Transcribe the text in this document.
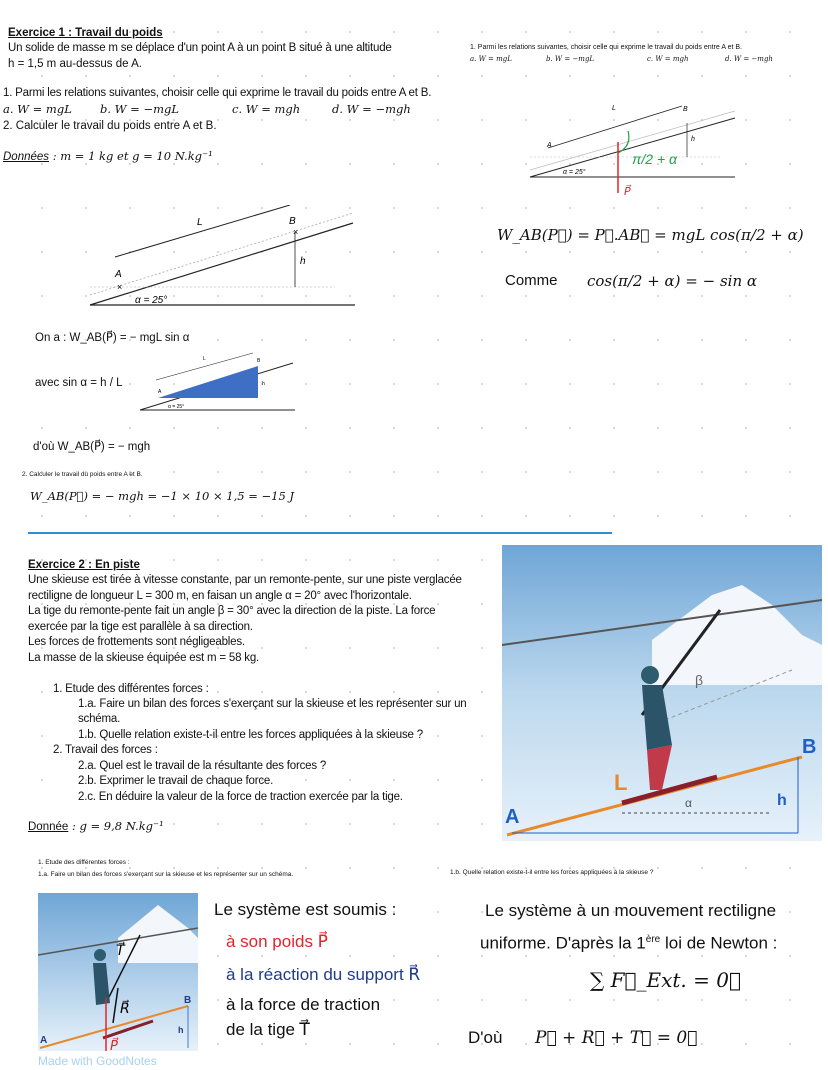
Exercice 1 : Travail du poids
Un solide de masse m se déplace d'un point A à un point B situé à une altitude
h = 1,5 m au-dessus de A.
1. Parmi les relations suivantes, choisir celle qui exprime le travail du poids entre A et B.
a. W = mgL b. W = −mgL	c. W = mgh	d. W = −mgh
2. Calculer le travail du poids entre A et B.
Données : m = 1 kg et g = 10 N.kg⁻¹
×
×
A
B
L
h
α = 25°
1. Parmi les relations suivantes, choisir celle qui exprime le travail du poids entre A et B.
a. W = mgL	b. W = −mgL	c. W = mgh	d. W = −mgh
A
B
L
h
α = 25°
π/2 + α
P⃗
W_AB(P⃗) = P⃗.AB⃗ = mgL cos(π/2 + α)
Comme cos(π/2 + α) = − sin α
On a : W_AB(P⃗) = − mgL sin α
avec sin α = h / L
A
B
L
h
α = 25°
d'où W_AB(P⃗) = − mgh
2. Calculer le travail du poids entre A et B.
W_AB(P⃗) = − mgh = −1 × 10 × 1,5 = −15 J
Exercice 2 : En piste
Une skieuse est tirée à vitesse constante, par un remonte-pente, sur une piste verglacée
rectiligne de longueur L = 300 m, en faisan un angle α = 20° avec l'horizontale.
La tige du remonte-pente fait un angle β = 30° avec la direction de la piste. La force
exercée par la tige est parallèle à sa direction.
Les forces de frottements sont négligeables.
La masse de la skieuse équipée est m = 58 kg.
1. Etude des différentes forces :
1.a. Faire un bilan des forces s'exerçant sur la skieuse et les représenter sur un
schéma.
1.b. Quelle relation existe-t-il entre les forces appliquées à la skieuse ?
2. Travail des forces :
2.a. Quel est le travail de la résultante des forces ?
2.b. Exprimer le travail de chaque force.
2.c. En déduire la valeur de la force de traction exercée par la tige.
Donnée : g = 9,8 N.kg⁻¹	A
B
L
h
α
β
1. Etude des différentes forces :
1.a. Faire un bilan des forces s'exerçant sur la skieuse et les représenter sur un schéma.	1.b. Quelle relation existe-t-il entre les forces appliquées à la skieuse ?
T⃗
R⃗
P⃗
A
B
h
Made with GoodNotes
Le système est soumis :
à son poids P⃗
à la réaction du support R⃗
à la force de traction
de la tige T⃗
Le système à un mouvement rectiligne
uniforme. D'après la 1ère loi de Newton :
∑ F⃗_Ext. = 0⃗
D'où P⃗ + R⃗ + T⃗ = 0⃗
